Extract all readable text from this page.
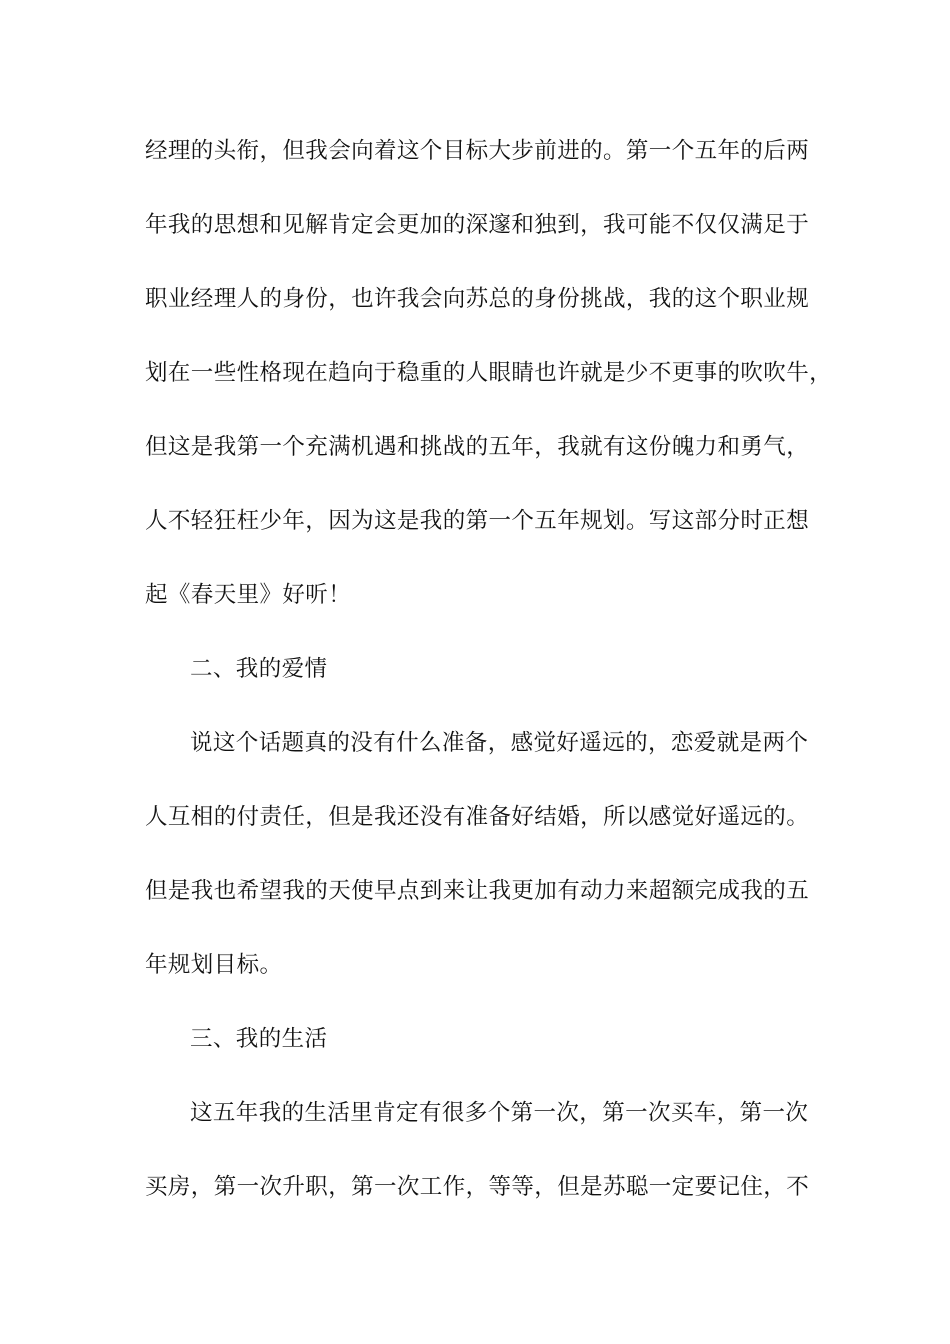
经理的头衔，但我会向着这个目标大步前进的。第一个五年的后两
年我的思想和见解肯定会更加的深邃和独到，我可能不仅仅满足于
职业经理人的身份，也许我会向苏总的身份挑战，我的这个职业规
划在一些性格现在趋向于稳重的人眼睛也许就是少不更事的吹吹牛，
但这是我第一个充满机遇和挑战的五年，我就有这份魄力和勇气，
人不轻狂枉少年，因为这是我的第一个五年规划。写这部分时正想
起《春天里》好听！
二、我的爱情
说这个话题真的没有什么准备，感觉好遥远的，恋爱就是两个
人互相的付责任，但是我还没有准备好结婚，所以感觉好遥远的。
但是我也希望我的天使早点到来让我更加有动力来超额完成我的五
年规划目标。
三、我的生活
这五年我的生活里肯定有很多个第一次，第一次买车，第一次
买房，第一次升职，第一次工作，等等，但是苏聪一定要记住，不
